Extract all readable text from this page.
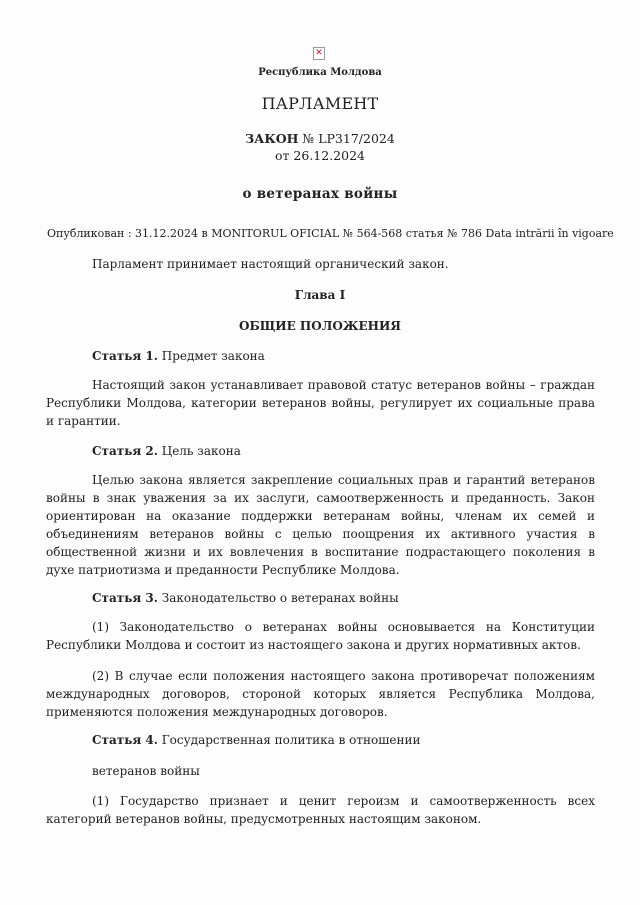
✕
Республика Молдова
ПАРЛАМЕНТ
ЗАКОН № LP317/2024
от 26.12.2024
о ветеранах войны
Опубликован : 31.12.2024 в MONITORUL OFICIAL № 564-568 статья № 786 Data intrării în vigoare
Парламент принимает настоящий органический закон.
Глава I
ОБЩИЕ ПОЛОЖЕНИЯ
Статья 1. Предмет закона
Настоящий закон устанавливает правовой статус ветеранов войны – граждан Республики Молдова, категории ветеранов войны, регулирует их социальные права и гарантии.
Статья 2. Цель закона
Целью закона является закрепление социальных прав и гарантий ветеранов войны в знак уважения за их заслуги, самоотверженность и преданность. Закон ориентирован на оказание поддержки ветеранам войны, членам их семей и объединениям ветеранов войны с целью поощрения их активного участия в общественной жизни и их вовлечения в воспитание подрастающего поколения в духе патриотизма и преданности Республике Молдова.
Статья 3. Законодательство о ветеранах войны
(1) Законодательство о ветеранах войны основывается на Конституции Республики Молдова и состоит из настоящего закона и других нормативных актов.
(2) В случае если положения настоящего закона противоречат положениям международных договоров, стороной которых является Республика Молдова, применяются положения международных договоров.
Статья 4. Государственная политика в отношении
ветеранов войны
(1) Государство признает и ценит героизм и самоотверженность всех категорий ветеранов войны, предусмотренных настоящим законом.
